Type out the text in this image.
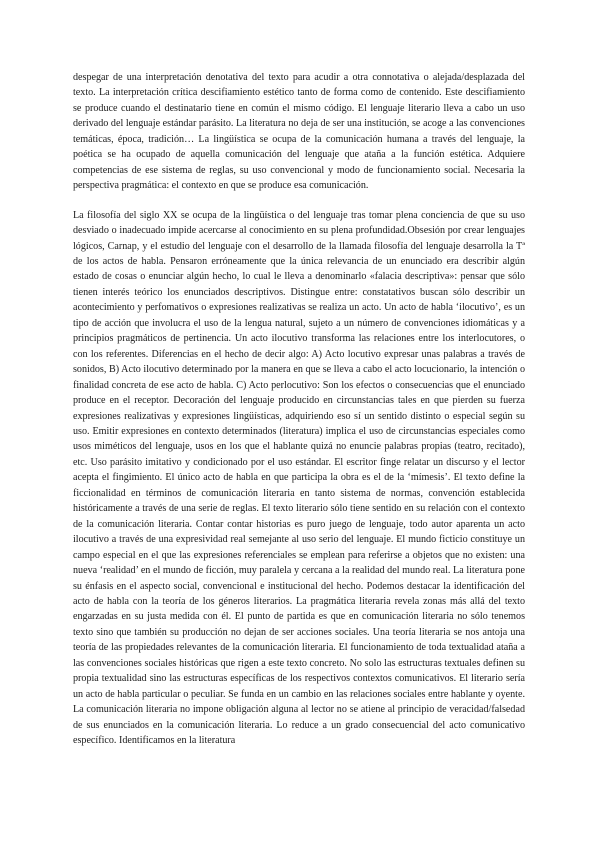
despegar de una interpretación denotativa del texto para acudir a otra connotativa o alejada/desplazada del texto. La interpretación crítica descifiamiento estético tanto de forma como de contenido. Este descifiamiento se produce cuando el destinatario tiene en común el mismo código. El lenguaje literario lleva a cabo un uso derivado del lenguaje estándar parásito. La literatura no deja de ser una institución, se acoge a las convenciones temáticas, época, tradición… La lingüística se ocupa de la comunicación humana a través del lenguaje, la poética se ha ocupado de aquella comunicación del lenguaje que ataña a la función estética. Adquiere competencias de ese sistema de reglas, su uso convencional y modo de funcionamiento social. Necesaria la perspectiva pragmática: el contexto en que se produce esa comunicación.

La filosofía del siglo XX se ocupa de la lingüística o del lenguaje tras tomar plena conciencia de que su uso desviado o inadecuado impide acercarse al conocimiento en su plena profundidad.Obsesión por crear lenguajes lógicos, Carnap, y el estudio del lenguaje con el desarrollo de la llamada filosofía del lenguaje desarrolla la Tª de los actos de habla. Pensaron erróneamente que la única relevancia de un enunciado era describir algún estado de cosas o enunciar algún hecho, lo cual le lleva a denominarlo «falacia descriptiva»: pensar que sólo tienen interés teórico los enunciados descriptivos. Distingue entre: constatativos buscan sólo describir un acontecimiento y perfomativos o expresiones realizativas se realiza un acto. Un acto de habla ‘ilocutivo’, es un tipo de acción que involucra el uso de la lengua natural, sujeto a un número de convenciones idiomáticas y a principios pragmáticos de pertinencia. Un acto ilocutivo transforma las relaciones entre los interlocutores, o con los referentes. Diferencias en el hecho de decir algo: A) Acto locutivo expresar unas palabras a través de sonidos, B) Acto ilocutivo determinado por la manera en que se lleva a cabo el acto locucionario, la intención o finalidad concreta de ese acto de habla. C) Acto perlocutivo: Son los efectos o consecuencias que el enunciado produce en el receptor. Decoración del lenguaje producido en circunstancias tales en que pierden su fuerza expresiones realizativas y expresiones lingüísticas, adquiriendo eso sí un sentido distinto o especial según su uso. Emitir expresiones en contexto determinados (literatura) implica el uso de circunstancias especiales como usos miméticos del lenguaje, usos en los que el hablante quizá no enuncie palabras propias (teatro, recitado), etc. Uso parásito imitativo y condicionado por el uso estándar. El escritor finge relatar un discurso y el lector acepta el fingimiento. El único acto de habla en que participa la obra es el de la ‘mímesis’. El texto define la ficcionalidad en términos de comunicación literaria en tanto sistema de normas, convención establecida históricamente a través de una serie de reglas. El texto literario sólo tiene sentido en su relación con el contexto de la comunicación literaria. Contar contar historias es puro juego de lenguaje, todo autor aparenta un acto ilocutivo a través de una expresividad real semejante al uso serio del lenguaje. El mundo ficticio constituye un campo especial en el que las expresiones referenciales se emplean para referirse a objetos que no existen: una nueva ‘realidad’ en el mundo de ficción, muy paralela y cercana a la realidad del mundo real. La literatura pone su énfasis en el aspecto social, convencional e institucional del hecho. Podemos destacar la identificación del acto de habla con la teoría de los géneros literarios. La pragmática literaria revela zonas más allá del texto engarzadas en su justa medida con él. El punto de partida es que en comunicación literaria no sólo tenemos texto sino que también su producción no dejan de ser acciones sociales. Una teoría literaria se nos antoja una teoría de las propiedades relevantes de la comunicación literaria. El funcionamiento de toda textualidad ataña a las convenciones sociales históricas que rigen a este texto concreto. No solo las estructuras textuales definen su propia textualidad sino las estructuras específicas de los respectivos contextos comunicativos. El literario sería un acto de habla particular o peculiar. Se funda en un cambio en las relaciones sociales entre hablante y oyente. La comunicación literaria no impone obligación alguna al lector no se atiene al principio de veracidad/falsedad de sus enunciados en la comunicación literaria. Lo reduce a un grado consecuencial del acto comunicativo específico. Identificamos en la literatura
